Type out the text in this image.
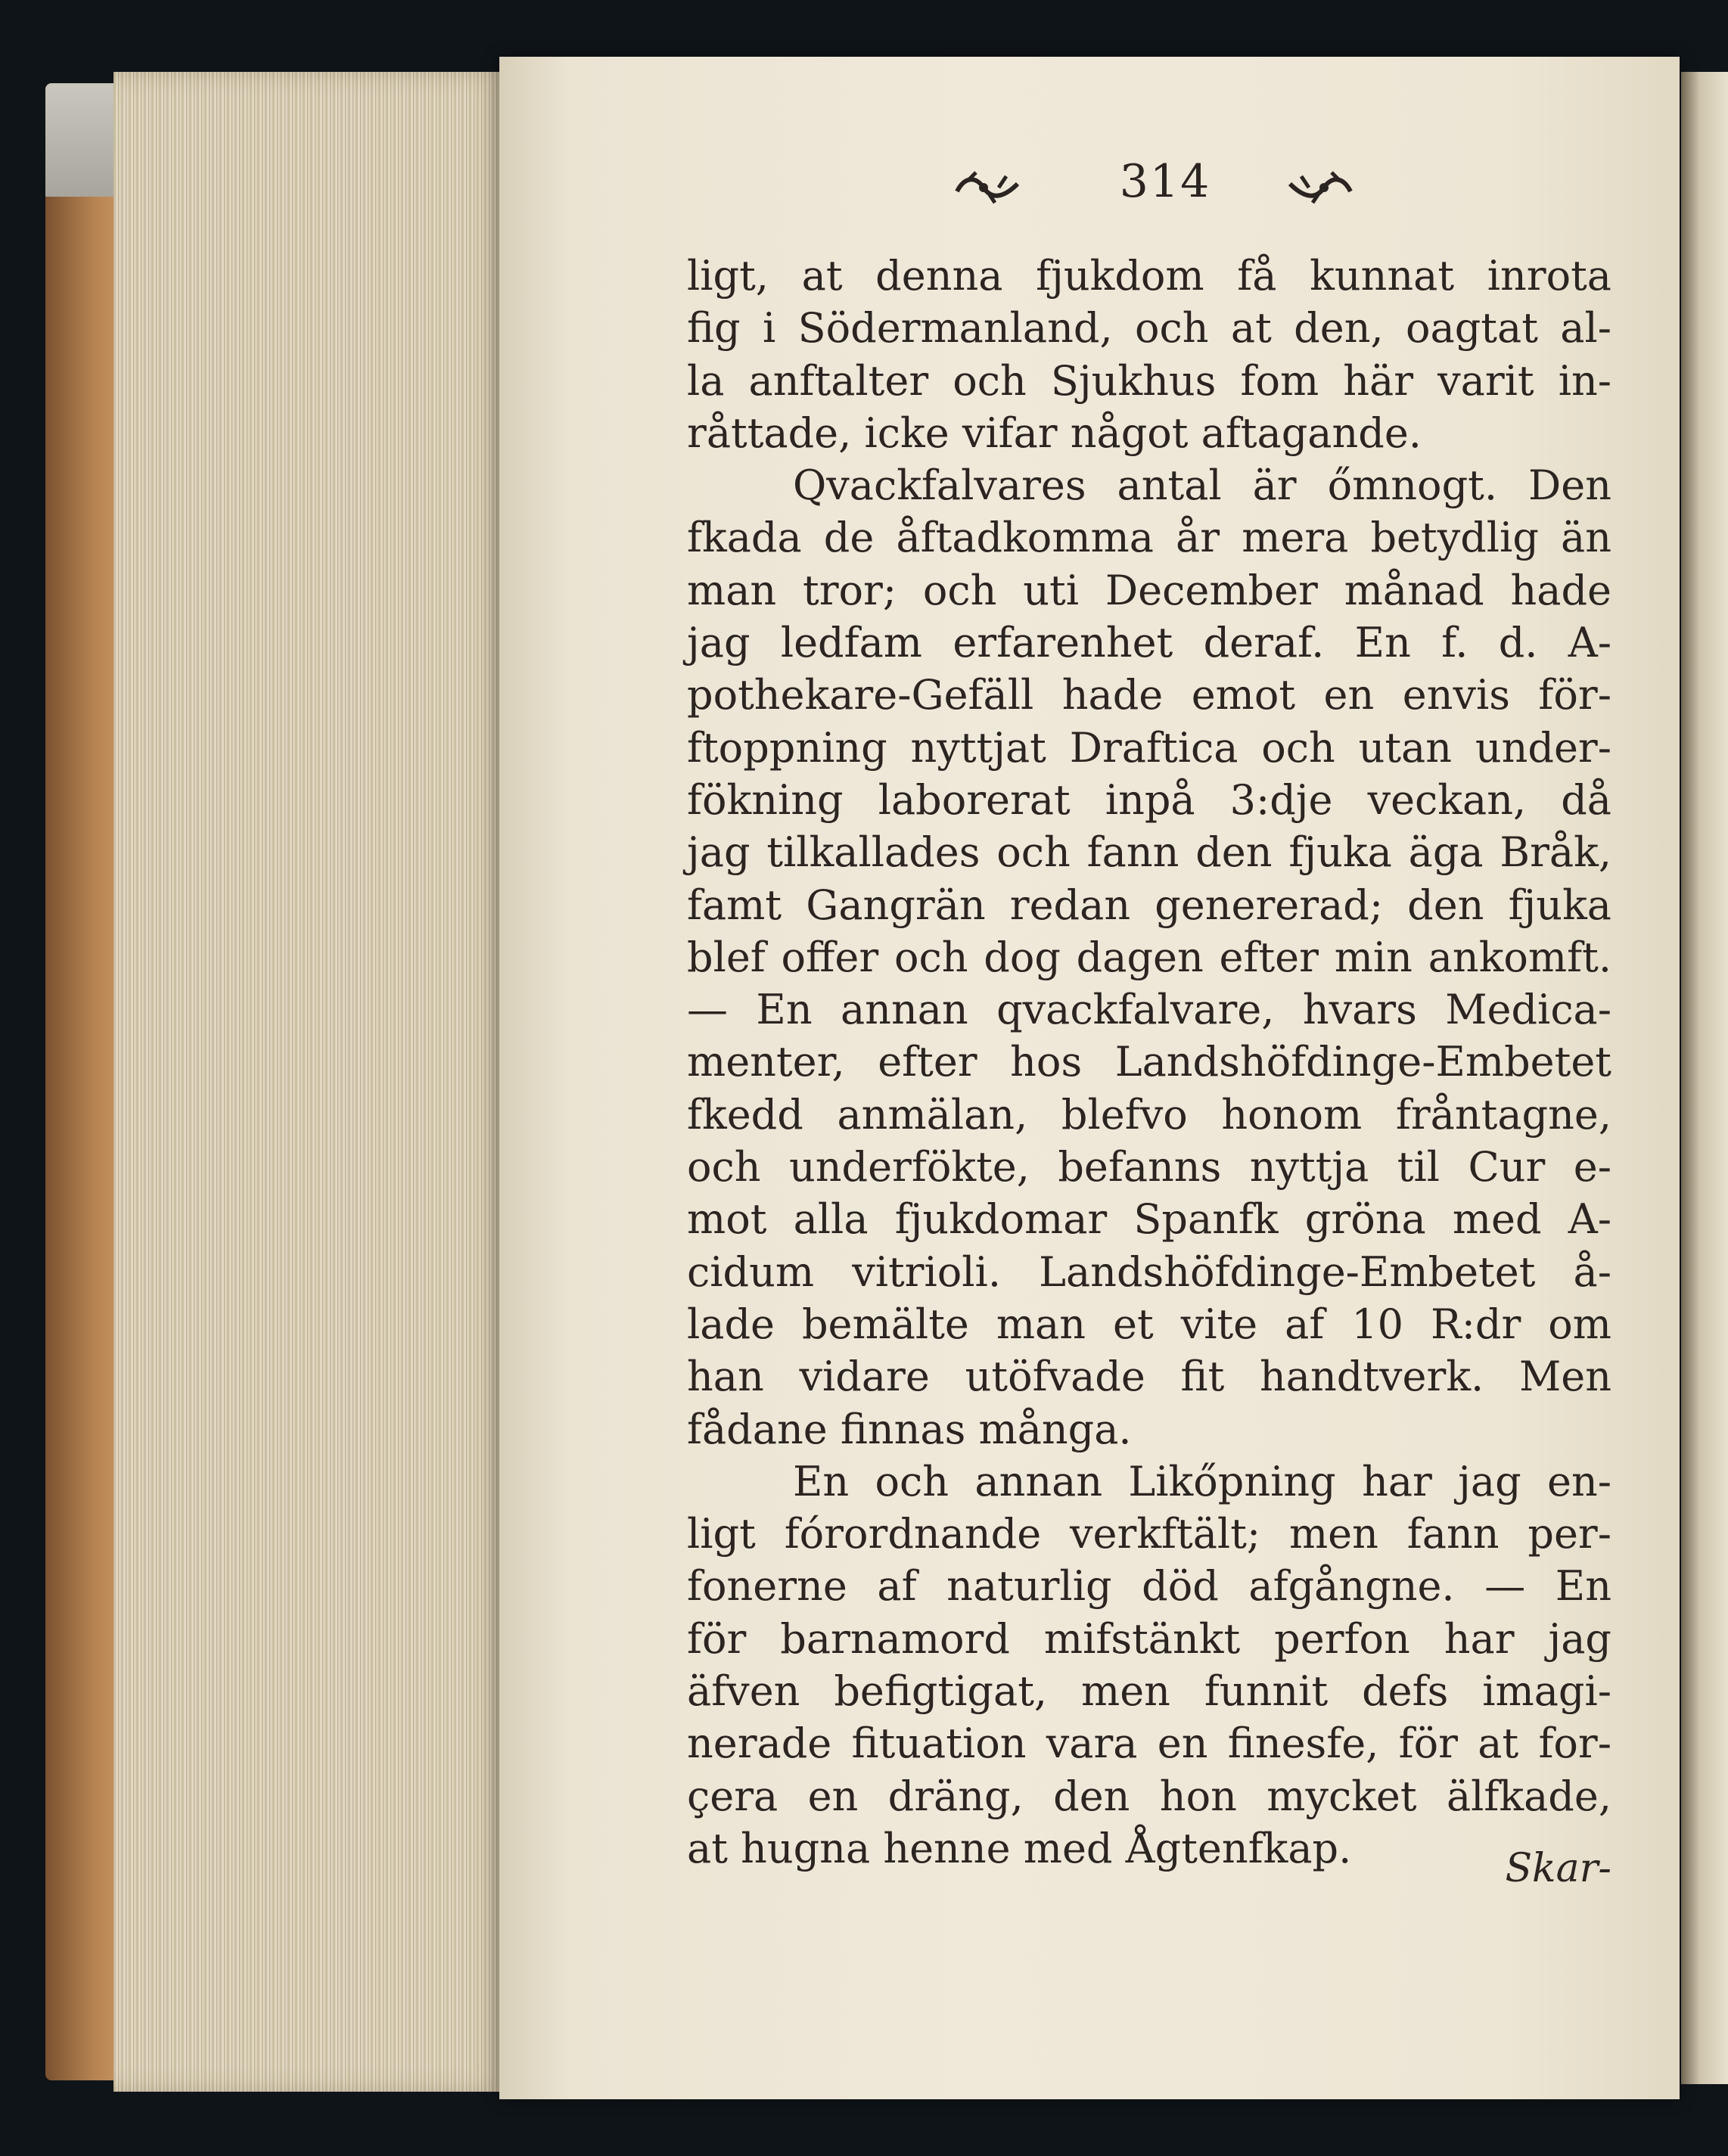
314
ligt, at denna fjukdom få kunnat inrota
fig i Södermanland, och at den, oagtat al-
la anftalter och Sjukhus fom här varit in-
råttade, icke vifar något aftagande.
Qvackfalvares antal är őmnogt. Den
fkada de åftadkomma år mera betydlig än
man tror; och uti December månad hade
jag ledfam erfarenhet deraf. En f. d. A-
pothekare-Gefäll hade emot en envis för-
ftoppning nyttjat Draftica och utan under-
fökning laborerat inpå 3:dje veckan, då
jag tilkallades och fann den fjuka äga Bråk,
famt Gangrän redan genererad; den fjuka
blef offer och dog dagen efter min ankomft.
— En annan qvackfalvare, hvars Medica-
menter, efter hos Landshöfdinge-Embetet
fkedd anmälan, blefvo honom fråntagne,
och underfökte, befanns nyttja til Cur e-
mot alla fjukdomar Spanfk gröna med A-
cidum vitrioli. Landshöfdinge-Embetet å-
lade bemälte man et vite af 10 R:dr om
han vidare utöfvade fit handtverk. Men
fådane finnas många.
En och annan Likőpning har jag en-
ligt fórordnande verkftält; men fann per-
fonerne af naturlig död afgångne. — En
för barnamord mifstänkt perfon har jag
äfven befigtigat, men funnit defs imagi-
nerade fituation vara en finesfe, för at for-
çera en dräng, den hon mycket älfkade,
at hugna henne med Ågtenfkap.	Skar-
